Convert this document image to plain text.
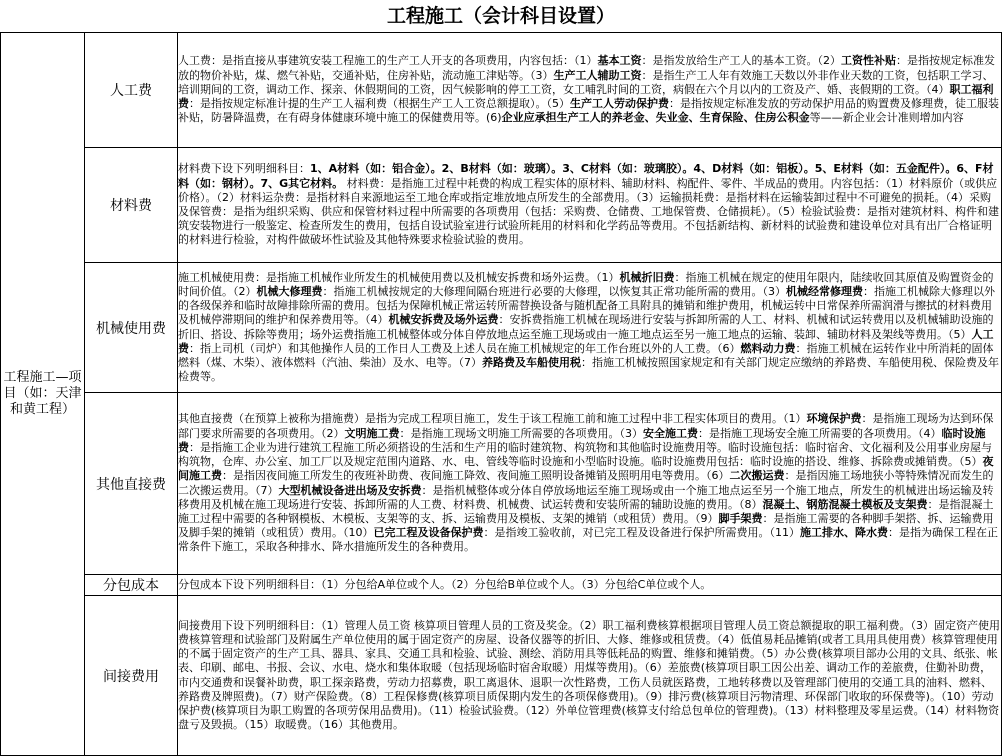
工程施工（会计科目设置）
工程施工—项目（如：天津和黄工程）	人工费	人工费：是指直接从事建筑安装工程施工的生产工人开支的各项费用，内容包括：（1）基本工资：是指发放给生产工人的基本工资。（2）工资性补贴：是指按规定标准发放的物价补贴，煤、燃气补贴，交通补贴，住房补贴，流动施工津贴等。（3）生产工人辅助工资：是指生产工人年有效施工天数以外非作业天数的工资，包括职工学习、培训期间的工资，调动工作、探亲、休假期间的工资，因气候影响的停工工资，女工哺乳时间的工资，病假在六个月以内的工资及产、婚、丧假期的工资。（4）职工福利费：是指按规定标准计提的生产工人福利费（根据生产工人工资总额提取）。（5）生产工人劳动保护费：是指按规定标准发放的劳动保护用品的购置费及修理费，徒工服装补贴，防暑降温费，在有碍身体健康环境中施工的保健费用等。(6)企业应承担生产工人的养老金、失业金、生育保险、住房公积金等——新企业会计准则增加内容
	材料费	材料费下设下列明细科目：1、A材料（如：铝合金）。2、B材料（如：玻璃）。3、C材料（如：玻璃胶）。4、D材料（如：铝板）。5、E材料（如：五金配件）。6、F材料（如：钢材）。7、G其它材料。 材料费：是指施工过程中耗费的构成工程实体的原材料、辅助材料、构配件、零件、半成品的费用。内容包括：（1）材料原价（或供应价格）。（2）材料运杂费：是指材料自来源地运至工地仓库或指定堆放地点所发生的全部费用。（3）运输损耗费：是指材料在运输装卸过程中不可避免的损耗。（4）采购及保管费：是指为组织采购、供应和保管材料过程中所需要的各项费用（包括：采购费、仓储费、工地保管费、仓储损耗）。（5）检验试验费：是指对建筑材料、构件和建筑安装物进行一般鉴定、检查所发生的费用，包括自设试验室进行试验所耗用的材料和化学药品等费用。不包括新结构、新材料的试验费和建设单位对具有出厂合格证明的材料进行检验，对构件做破坏性试验及其他特殊要求检验试验的费用。
	机械使用费	施工机械使用费：是指施工机械作业所发生的机械使用费以及机械安拆费和场外运费。（1）机械折旧费：指施工机械在规定的使用年限内，陆续收回其原值及购置资金的时间价值。（2）机械大修理费：指施工机械按规定的大修理间隔台班进行必要的大修理，以恢复其正常功能所需的费用。（3）机械经常修理费：指施工机械除大修理以外的各级保养和临时故障排除所需的费用。包括为保障机械正常运转所需替换设备与随机配备工具附具的摊销和维护费用，机械运转中日常保养所需润滑与擦拭的材料费用及机械停滞期间的维护和保养费用等。（4）机械安拆费及场外运费：安拆费指施工机械在现场进行安装与拆卸所需的人工、材料、机械和试运转费用以及机械辅助设施的折旧、搭设、拆除等费用；场外运费指施工机械整体或分体自停放地点运至施工现场或由一施工地点运至另一施工地点的运输、装卸、辅助材料及架线等费用。（5）人工费：指上司机（司炉）和其他操作人员的工作日人工费及上述人员在施工机械规定的年工作台班以外的人工费。（6）燃料动力费：指施工机械在运转作业中所消耗的固体燃料（煤、木柴）、液体燃料（汽油、柴油）及水、电等。（7）养路费及车船使用税：指施工机械按照国家规定和有关部门规定应缴纳的养路费、车船使用税、保险费及年检费等。
	其他直接费	其他直接费（在预算上被称为措施费）是指为完成工程项目施工，发生于该工程施工前和施工过程中非工程实体项目的费用。（1）环境保护费：是指施工现场为达到环保部门要求所需要的各项费用。（2）文明施工费：是指施工现场文明施工所需要的各项费用。（3）安全施工费：是指施工现场安全施工所需要的各项费用。（4）临时设施费：是指施工企业为进行建筑工程施工所必须搭设的生活和生产用的临时建筑物、构筑物和其他临时设施费用等。临时设施包括：临时宿舍、文化福利及公用事业房屋与构筑物，仓库、办公室、加工厂以及规定范围内道路、水、电、管线等临时设施和小型临时设施。临时设施费用包括：临时设施的搭设、维修、拆除费或摊销费。（5）夜间施工费：是指因夜间施工所发生的夜班补助费、夜间施工降效、夜间施工照明设备摊销及照明用电等费用。（6）二次搬运费：是指因施工场地狭小等特殊情况而发生的二次搬运费用。（7）大型机械设备进出场及安拆费：是指机械整体或分体自停放场地运至施工现场或由一个施工地点运至另一个施工地点，所发生的机械进出场运输及转移费用及机械在施工现场进行安装、拆卸所需的人工费、材料费、机械费、试运转费和安装所需的辅助设施的费用。（8）混凝土、钢筋混凝土模板及支架费：是指混凝土施工过程中需要的各种钢模板、木模板、支架等的支、拆、运输费用及模板、支架的摊销（或租赁）费用。（9）脚手架费：是指施工需要的各种脚手架搭、拆、运输费用及脚手架的摊销（或租赁）费用。（10）已完工程及设备保护费：是指竣工验收前，对已完工程及设备进行保护所需费用。（11）施工排水、降水费：是指为确保工程在正常条件下施工，采取各种排水、降水措施所发生的各种费用。
	分包成本	分包成本下设下列明细科目：（1）分包给A单位或个人。（2）分包给B单位或个人。（3）分包给C单位或个人。
	间接费用	间接费用下设下列明细科目：（1）管理人员工资 核算项目管理人员的工资及奖金。（2）职工福利费核算根据项目管理人员工资总额提取的职工福利费。（3）固定资产使用费核算管理和试验部门及附属生产单位使用的属于固定资产的房屋、设备仪器等的折旧、大修、维修或租赁费。（4）低值易耗品摊销(或者工具用具使用费）核算管理使用的不属于固定资产的生产工具、器具、家具、交通工具和检验、试验、测绘、消防用具等低耗品的购置、维修和摊销费。（5）办公费(核算项目部办公用的文具、纸张、帐表、印刷、邮电、书报、会议、水电、烧水和集体取暖（包括现场临时宿舍取暖）用煤等费用)。（6）差旅费(核算项目职工因公出差、调动工作的差旅费，住勤补助费，市内交通费和误餐补助费，职工探亲路费，劳动力招募费，职工离退休、退职一次性路费，工伤人员就医路费，工地转移费以及管理部门使用的交通工具的油料、燃料、养路费及牌照费)。（7）财产保险费。（8）工程保修费(核算项目质保期内发生的各项保修费用)。（9）排污费(核算项目污物清理、环保部门收取的环保费等)。（10）劳动保护费(核算项目为职工购置的各项劳保用品费用)。（11）检验试验费。（12）外单位管理费(核算支付给总包单位的管理费)。（13）材料整理及零星运费。（14）材料物资盘亏及毁损。（15）取暖费。（16）其他费用。
